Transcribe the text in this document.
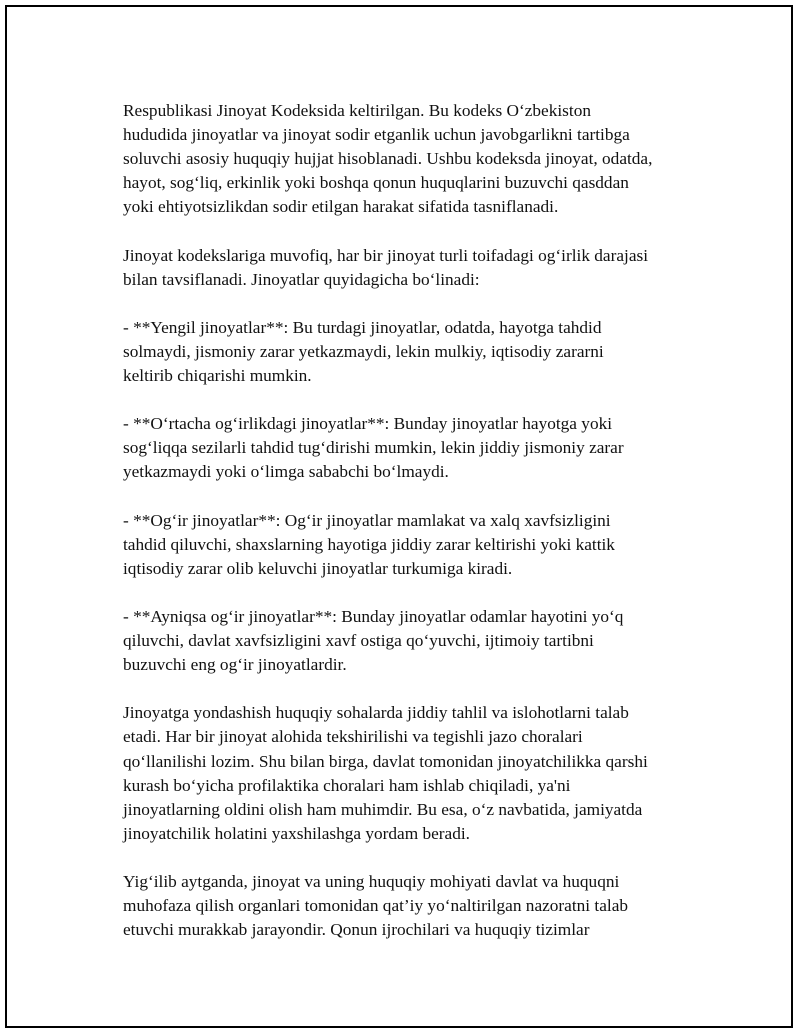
Respublikasi Jinoyat Kodeksida keltirilgan. Bu kodeks O‘zbekiston
hududida jinoyatlar va jinoyat sodir etganlik uchun javobgarlikni tartibga
soluvchi asosiy huquqiy hujjat hisoblanadi. Ushbu kodeksda jinoyat, odatda,
hayot, sog‘liq, erkinlik yoki boshqa qonun huquqlarini buzuvchi qasddan
yoki ehtiyotsizlikdan sodir etilgan harakat sifatida tasniflanadi.

Jinoyat kodekslariga muvofiq, har bir jinoyat turli toifadagi og‘irlik darajasi
bilan tavsiflanadi. Jinoyatlar quyidagicha bo‘linadi:

- **Yengil jinoyatlar**: Bu turdagi jinoyatlar, odatda, hayotga tahdid
solmaydi, jismoniy zarar yetkazmaydi, lekin mulkiy, iqtisodiy zararni
keltirib chiqarishi mumkin.

- **O‘rtacha og‘irlikdagi jinoyatlar**: Bunday jinoyatlar hayotga yoki
sog‘liqqa sezilarli tahdid tug‘dirishi mumkin, lekin jiddiy jismoniy zarar
yetkazmaydi yoki o‘limga sababchi bo‘lmaydi.

- **Og‘ir jinoyatlar**: Og‘ir jinoyatlar mamlakat va xalq xavfsizligini
tahdid qiluvchi, shaxslarning hayotiga jiddiy zarar keltirishi yoki kattik
iqtisodiy zarar olib keluvchi jinoyatlar turkumiga kiradi.

- **Ayniqsa og‘ir jinoyatlar**: Bunday jinoyatlar odamlar hayotini yo‘q
qiluvchi, davlat xavfsizligini xavf ostiga qo‘yuvchi, ijtimoiy tartibni
buzuvchi eng og‘ir jinoyatlardir.

Jinoyatga yondashish huquqiy sohalarda jiddiy tahlil va islohotlarni talab
etadi. Har bir jinoyat alohida tekshirilishi va tegishli jazo choralari
qo‘llanilishi lozim. Shu bilan birga, davlat tomonidan jinoyatchilikka qarshi
kurash bo‘yicha profilaktika choralari ham ishlab chiqiladi, ya'ni
jinoyatlarning oldini olish ham muhimdir. Bu esa, o‘z navbatida, jamiyatda
jinoyatchilik holatini yaxshilashga yordam beradi.

Yig‘ilib aytganda, jinoyat va uning huquqiy mohiyati davlat va huquqni
muhofaza qilish organlari tomonidan qat’iy yo‘naltirilgan nazoratni talab
etuvchi murakkab jarayondir. Qonun ijrochilari va huquqiy tizimlar
